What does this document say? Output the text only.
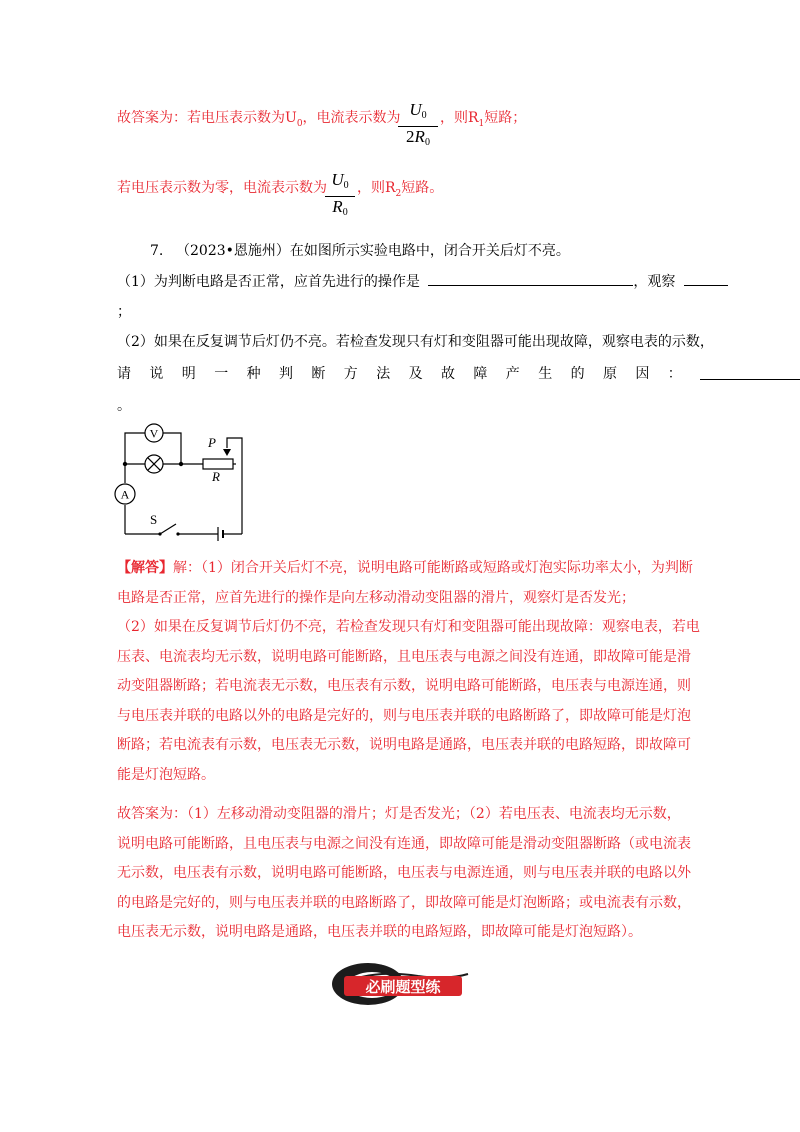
故答案为：若电压表示数为$U_0$，电流表示数为 $U_0$
$2R_0$
，则$R_1$短路；
若电压表示数为零，电流表示数为 $U_0$
$R_0$
，则$R_2$短路。
7. （2023•恩施州）在如图所示实验电路中，闭合开关后灯不亮。
（1）为判断电路是否正常，应首先进行的操作是	，观察
；
（2）如果在反复调节后灯仍不亮。若检查发现只有灯和变阻器可能出现故障，观察电表的示数，
请说明一种判断方法及故障产生的原因：
。
V
A
P
R
S
【解答】解：（1）闭合开关后灯不亮，说明电路可能断路或短路或灯泡实际功率太小，为判断
电路是否正常，应首先进行的操作是向左移动滑动变阻器的滑片，观察灯是否发光；
（2）如果在反复调节后灯仍不亮，若检查发现只有灯和变阻器可能出现故障：观察电表，若电
压表、电流表均无示数，说明电路可能断路，且电压表与电源之间没有连通，即故障可能是滑
动变阻器断路；若电流表无示数，电压表有示数，说明电路可能断路，电压表与电源连通，则
与电压表并联的电路以外的电路是完好的，则与电压表并联的电路断路了，即故障可能是灯泡
断路；若电流表有示数，电压表无示数，说明电路是通路，电压表并联的电路短路，即故障可
能是灯泡短路。
故答案为：（1）左移动滑动变阻器的滑片；灯是否发光；（2）若电压表、电流表均无示数，
说明电路可能断路，且电压表与电源之间没有连通，即故障可能是滑动变阻器断路（或电流表
无示数，电压表有示数，说明电路可能断路，电压表与电源连通，则与电压表并联的电路以外
的电路是完好的，则与电压表并联的电路断路了，即故障可能是灯泡断路；或电流表有示数，
电压表无示数，说明电路是通路，电压表并联的电路短路，即故障可能是灯泡短路）。
必刷题型练
